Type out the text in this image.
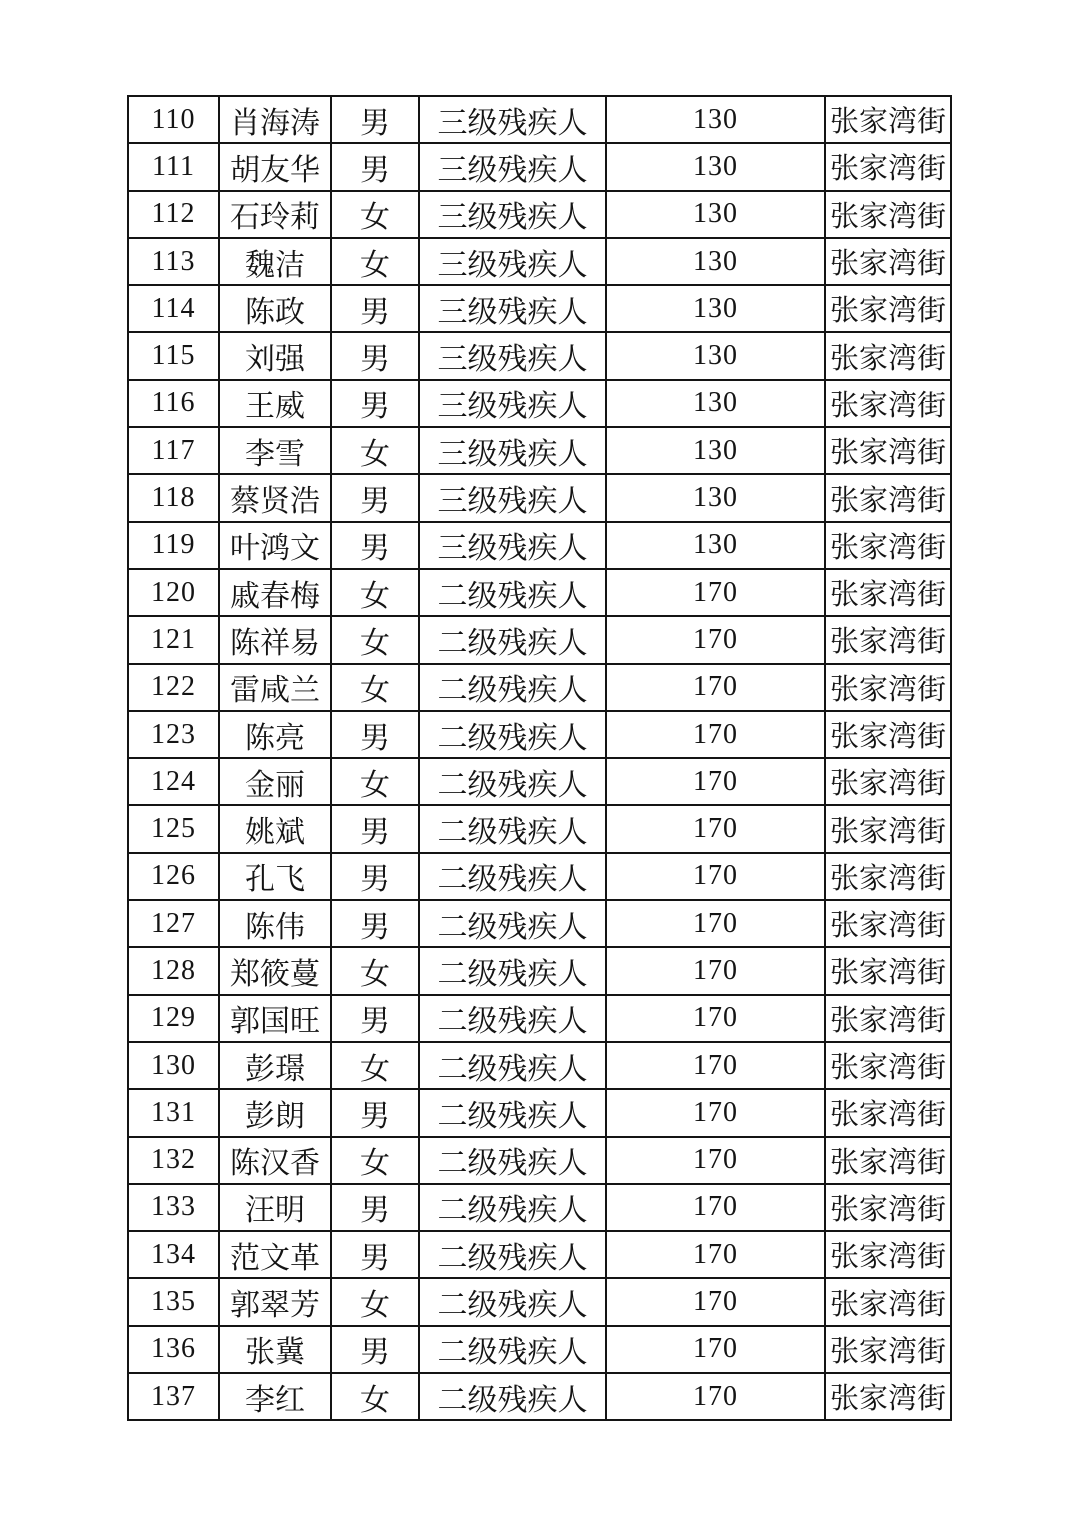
110	肖海涛	男	三级残疾人	130	张家湾街
111	胡友华	男	三级残疾人	130	张家湾街
112	石玲莉	女	三级残疾人	130	张家湾街
113	魏洁	女	三级残疾人	130	张家湾街
114	陈政	男	三级残疾人	130	张家湾街
115	刘强	男	三级残疾人	130	张家湾街
116	王威	男	三级残疾人	130	张家湾街
117	李雪	女	三级残疾人	130	张家湾街
118	蔡贤浩	男	三级残疾人	130	张家湾街
119	叶鸿文	男	三级残疾人	130	张家湾街
120	戚春梅	女	二级残疾人	170	张家湾街
121	陈祥易	女	二级残疾人	170	张家湾街
122	雷咸兰	女	二级残疾人	170	张家湾街
123	陈亮	男	二级残疾人	170	张家湾街
124	金丽	女	二级残疾人	170	张家湾街
125	姚斌	男	二级残疾人	170	张家湾街
126	孔飞	男	二级残疾人	170	张家湾街
127	陈伟	男	二级残疾人	170	张家湾街
128	郑筱蔓	女	二级残疾人	170	张家湾街
129	郭国旺	男	二级残疾人	170	张家湾街
130	彭璟	女	二级残疾人	170	张家湾街
131	彭朗	男	二级残疾人	170	张家湾街
132	陈汉香	女	二级残疾人	170	张家湾街
133	汪明	男	二级残疾人	170	张家湾街
134	范文革	男	二级残疾人	170	张家湾街
135	郭翠芳	女	二级残疾人	170	张家湾街
136	张冀	男	二级残疾人	170	张家湾街
137	李红	女	二级残疾人	170	张家湾街
